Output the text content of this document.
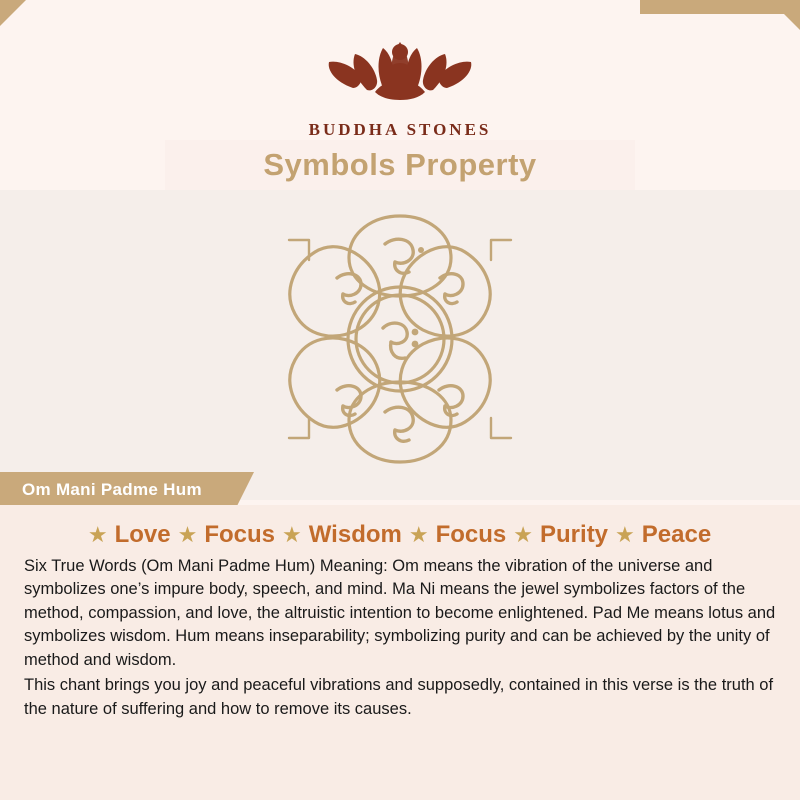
BUDDHA STONES
Symbols Property
Om Mani Padme Hum
★ Love ★ Focus ★ Wisdom ★ Focus ★ Purity ★ Peace

Six True Words (Om Mani Padme Hum) Meaning: Om means the vibration of the universe and symbolizes one’s impure body, speech, and mind. Ma Ni means the jewel symbolizes factors of the method, compassion, and love, the altruistic intention to become enlightened. Pad Me means lotus and symbolizes wisdom. Hum means inseparability; symbolizing purity and can be achieved by the unity of method and wisdom.

This chant brings you joy and peaceful vibrations and supposedly, contained in this verse is the truth of the nature of suffering and how to remove its causes.
